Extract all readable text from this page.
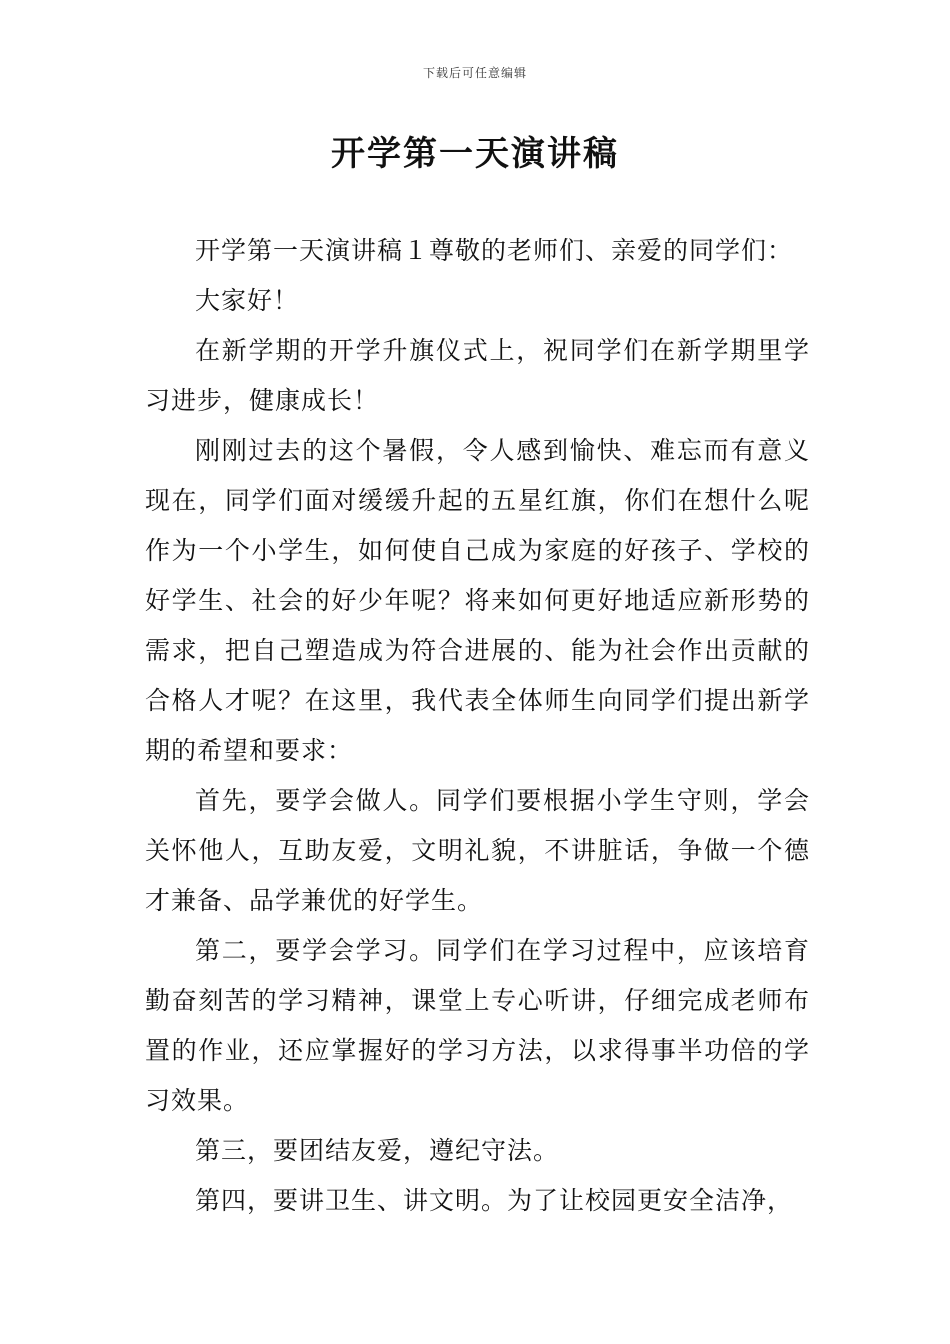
下载后可任意编辑
开学第一天演讲稿

开学第一天演讲稿１尊敬的老师们、亲爱的同学们：

大家好！

在新学期的开学升旗仪式上，祝同学们在新学期里学习进步，健康成长！

刚刚过去的这个暑假，令人感到愉快、难忘而有意义现在，同学们面对缓缓升起的五星红旗，你们在想什么呢作为一个小学生，如何使自己成为家庭的好孩子、学校的好学生、社会的好少年呢？将来如何更好地适应新形势的需求，把自己塑造成为符合进展的、能为社会作出贡献的合格人才呢？在这里，我代表全体师生向同学们提出新学期的希望和要求：

首先，要学会做人。同学们要根据小学生守则，学会关怀他人，互助友爱，文明礼貌，不讲脏话，争做一个德才兼备、品学兼优的好学生。

第二，要学会学习。同学们在学习过程中，应该培育勤奋刻苦的学习精神，课堂上专心听讲，仔细完成老师布置的作业，还应掌握好的学习方法，以求得事半功倍的学习效果。

第三，要团结友爱，遵纪守法。

第四，要讲卫生、讲文明。为了让校园更安全洁净，
